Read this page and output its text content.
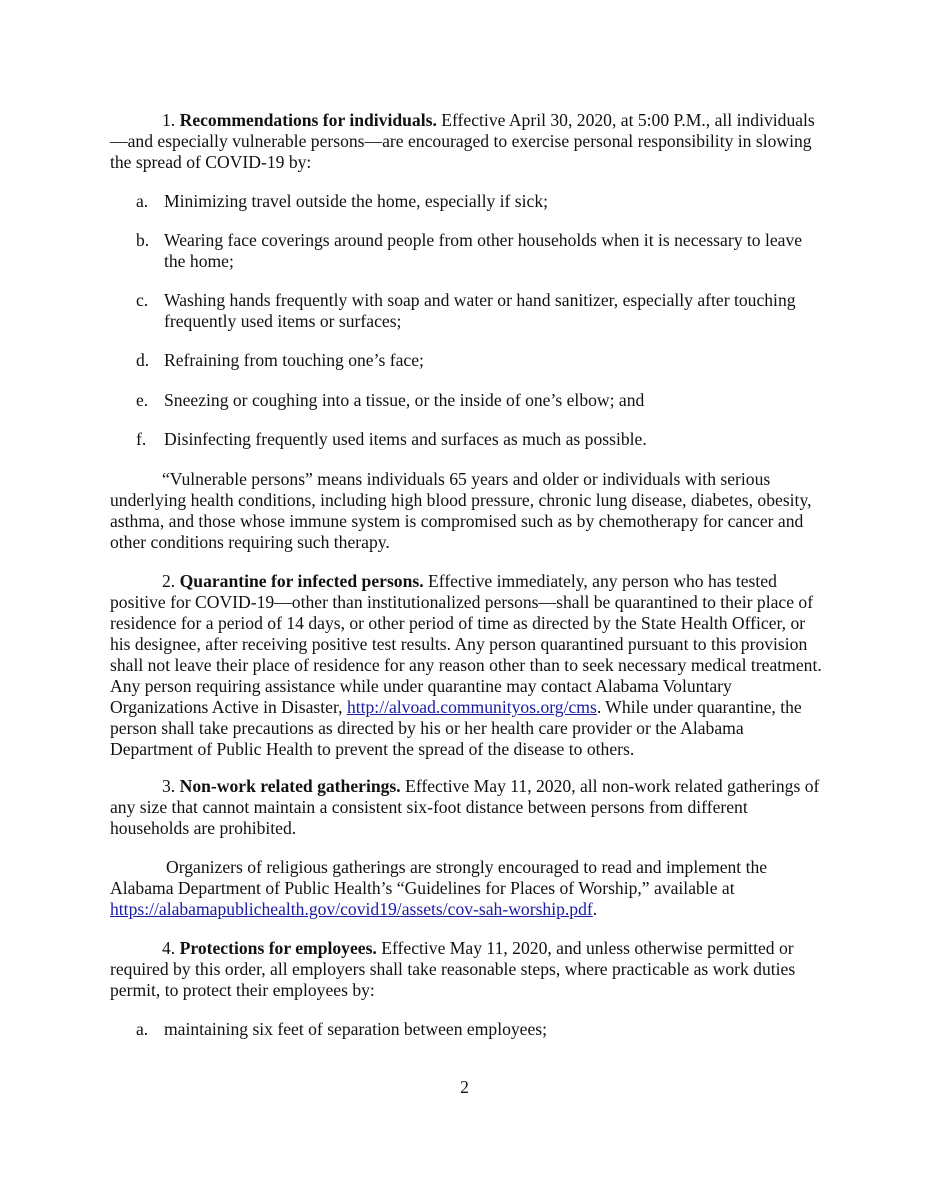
1. Recommendations for individuals. Effective April 30, 2020, at 5:00 P.M., all individuals—and especially vulnerable persons—are encouraged to exercise personal responsibility in slowing the spread of COVID-19 by:

a. Minimizing travel outside the home, especially if sick;
b. Wearing face coverings around people from other households when it is necessary to leave the home;
c. Washing hands frequently with soap and water or hand sanitizer, especially after touching frequently used items or surfaces;
d. Refraining from touching one’s face;
e. Sneezing or coughing into a tissue, or the inside of one’s elbow; and
f. Disinfecting frequently used items and surfaces as much as possible.

“Vulnerable persons” means individuals 65 years and older or individuals with serious underlying health conditions, including high blood pressure, chronic lung disease, diabetes, obesity, asthma, and those whose immune system is compromised such as by chemotherapy for cancer and other conditions requiring such therapy.

2. Quarantine for infected persons. Effective immediately, any person who has tested positive for COVID-19—other than institutionalized persons—shall be quarantined to their place of residence for a period of 14 days, or other period of time as directed by the State Health Officer, or his designee, after receiving positive test results. Any person quarantined pursuant to this provision shall not leave their place of residence for any reason other than to seek necessary medical treatment. Any person requiring assistance while under quarantine may contact Alabama Voluntary Organizations Active in Disaster, http://alvoad.communityos.org/cms. While under quarantine, the person shall take precautions as directed by his or her health care provider or the Alabama Department of Public Health to prevent the spread of the disease to others.

3. Non-work related gatherings. Effective May 11, 2020, all non-work related gatherings of any size that cannot maintain a consistent six-foot distance between persons from different households are prohibited.

Organizers of religious gatherings are strongly encouraged to read and implement the Alabama Department of Public Health’s “Guidelines for Places of Worship,” available at https://alabamapublichealth.gov/covid19/assets/cov-sah-worship.pdf.

4. Protections for employees. Effective May 11, 2020, and unless otherwise permitted or required by this order, all employers shall take reasonable steps, where practicable as work duties permit, to protect their employees by:

a. maintaining six feet of separation between employees;
2
